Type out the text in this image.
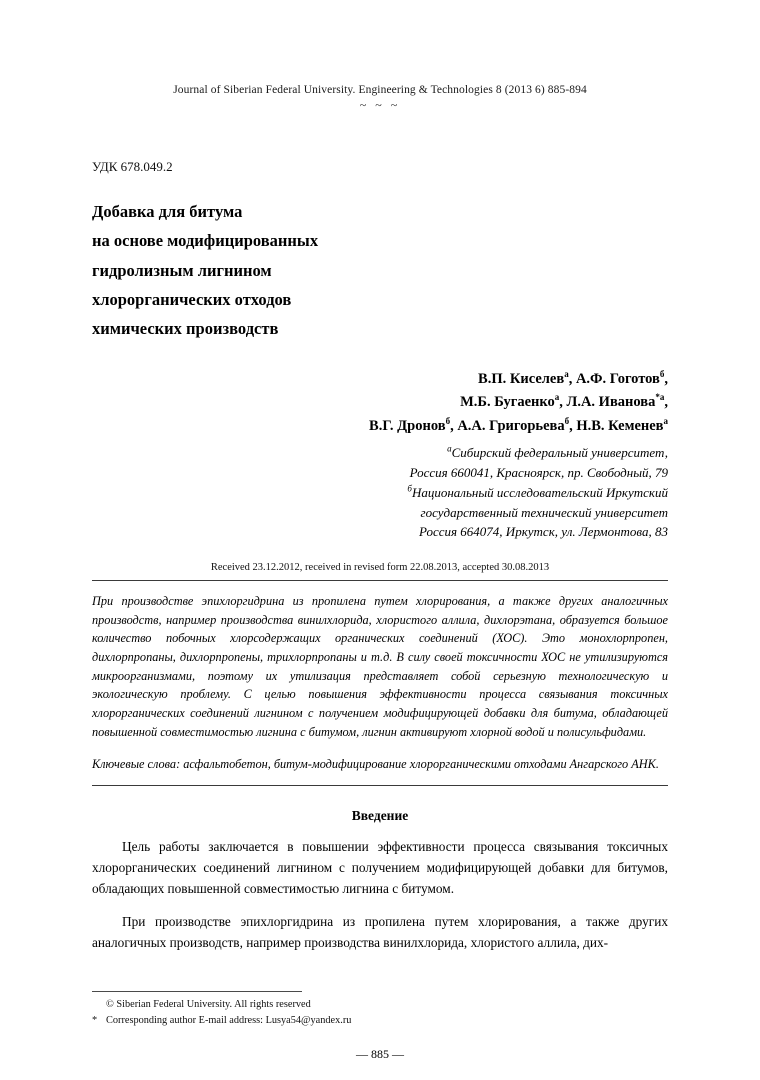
Journal of Siberian Federal University. Engineering & Technologies 8 (2013 6) 885-894
~ ~ ~
УДК 678.049.2
Добавка для битума
на основе модифицированных
гидролизным лигнином
хлорорганических отходов
химических производств
В.П. Киселев$^а$, А.Ф. Гоготов$^б$,
М.Б. Бугаенко$^а$, Л.А. Иванова$^{*а}$,
В.Г. Дронов$^б$, А.А. Григорьева$^б$, Н.В. Кеменев$^а$
$^а$Сибирский федеральный университет,
Россия 660041, Красноярск, пр. Свободный, 79
$^б$Национальный исследовательский Иркутский
государственный технический университет
Россия 664074, Иркутск, ул. Лермонтова, 83
Received 23.12.2012, received in revised form 22.08.2013, accepted 30.08.2013
При производстве эпихлоргидрина из пропилена путем хлорирования, а также других аналогичных производств, например производства винилхлорида, хлористого аллила, дихлорэтана, образуется большое количество побочных хлорсодержащих органических соединений (ХОС). Это монохлорпропен, дихлорпропаны, дихлорпропены, трихлорпропаны и т.д. В силу своей токсичности ХОС не утилизируются микроорганизмами, поэтому их утилизация представляет собой серьезную технологическую и экологическую проблему. С целью повышения эффективности процесса связывания токсичных хлорорганических соединений лигнином с получением модифицирующей добавки для битума, обладающей повышенной совместимостью лигнина с битумом, лигнин активируют хлорной водой и полисульфидами.
Ключевые слова: асфальтобетон, битум-модифицирование хлорорганическими отходами Ангарского АНК.
Введение
Цель работы заключается в повышении эффективности процесса связывания токсичных хлорорганических соединений лигнином с получением модифицирующей добавки для битумов, обладающих повышенной совместимостью лигнина с битумом.
При производстве эпихлоргидрина из пропилена путем хлорирования, а также других аналогичных производств, например производства винилхлорида, хлористого аллила, дих-
© Siberian Federal University. All rights reserved
* Corresponding author E-mail address: Lusya54@yandex.ru
— 885 —
